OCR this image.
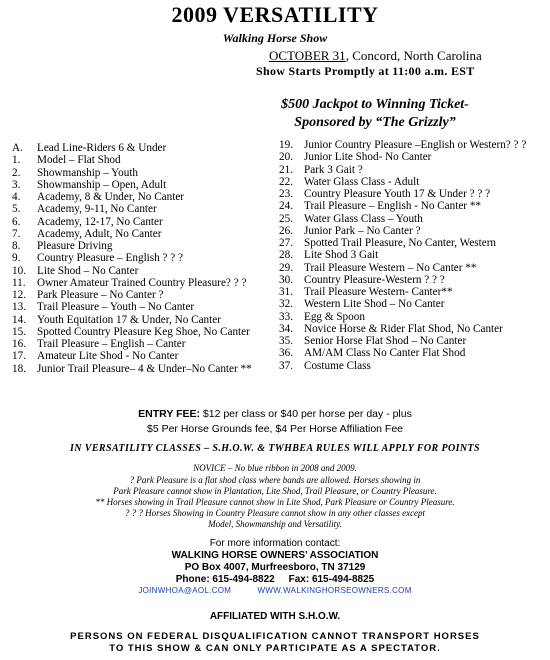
2009 VERSATILITY
Walking Horse Show
OCTOBER 31, Concord, North Carolina
Show Starts Promptly at 11:00 a.m. EST
$500 Jackpot to Winning Ticket-
Sponsored by “The Grizzly”
A.	Lead Line-Riders 6 & Under
1.	Model – Flat Shod
2.	Showmanship – Youth
3.	Showmanship – Open, Adult
4.	Academy, 8 & Under, No Canter
5.	Academy, 9-11, No Canter
6.	Academy, 12-17, No Canter
7.	Academy, Adult, No Canter
8.	Pleasure Driving
9.	Country Pleasure – English ? ? ?
10. Lite Shod – No Canter
11.	Owner Amateur Trained Country Pleasure? ? ?
12. Park Pleasure – No Canter ?
13. Trail Pleasure – Youth – No Canter
14. Youth Equitation 17 & Under, No Canter
15. Spotted Country Pleasure Keg Shoe, No Canter
16. Trail Pleasure – English – Canter
17. Amateur Lite Shod - No Canter
18. Junior Trail Pleasure– 4 & Under–No Canter **
19. Junior Country Pleasure –English or Western? ? ?
20. Junior Lite Shod- No Canter
21. Park 3 Gait ?
22. Water Glass Class - Adult
23. Country Pleasure Youth 17 & Under ? ? ?
24. Trail Pleasure – English - No Canter **
25. Water Glass Class – Youth
26. Junior Park – No Canter ?
27. Spotted Trail Pleasure, No Canter, Western
28. Lite Shod 3 Gait
29. Trail Pleasure Western – No Canter **
30. Country Pleasure-Western ? ? ?
31. Trail Pleasure Western- Canter**
32. Western Lite Shod – No Canter
33. Egg & Spoon
34. Novice Horse & Rider Flat Shod, No Canter
35. Senior Horse Flat Shod – No Canter
36. AM/AM Class No Canter Flat Shod
37. Costume Class
ENTRY FEE: $12 per class or $40 per horse per day - plus
$5 Per Horse Grounds fee, $4 Per Horse Affiliation Fee
IN VERSATILITY CLASSES – S.H.O.W. & TWHBEA RULES WILL APPLY FOR POINTS
NOVICE – No blue ribbon in 2008 and 2009.
? Park Pleasure is a flat shod class where bands are allowed. Horses showing in
Park Pleasure cannot show in Plantation, Lite Shod, Trail Pleasure, or Country Pleasure.
** Horses showing in Trail Pleasure cannot show in Lite Shod, Park Pleasure or Country Pleasure.
? ? ? Horses Showing in Country Pleasure cannot show in any other classes except
Model, Showmanship and Versatility.
For more information contact:
WALKING HORSE OWNERS’ ASSOCIATION
PO Box 4007, Murfreesboro, TN 37129
Phone: 615-494-8822     Fax: 615-494-8825
JOINWHOA@AOL.COM	WWW.WALKINGHORSEOWNERS.COM
AFFILIATED WITH S.H.O.W.
PERSONS ON FEDERAL DISQUALIFICATION CANNOT TRANSPORT HORSES
TO THIS SHOW & CAN ONLY PARTICIPATE AS A SPECTATOR.
